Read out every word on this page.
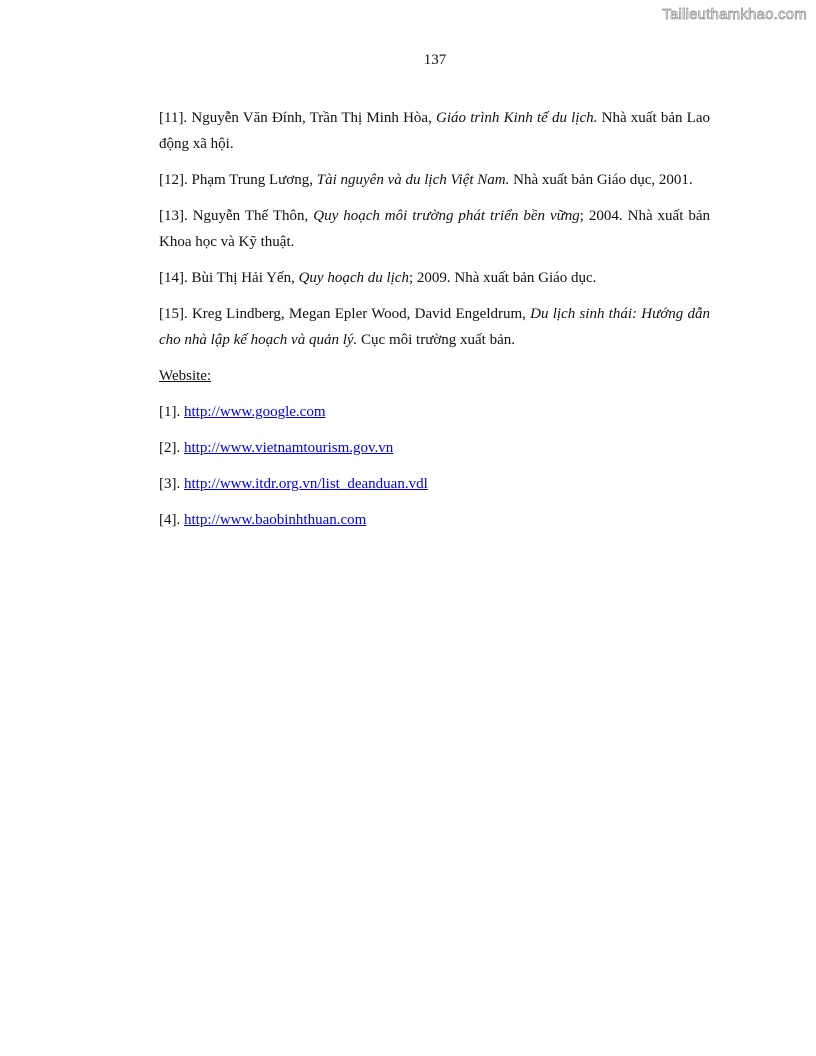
Tailieuthamkhao.com
137

[11]. Nguyễn Văn Đính, Trần Thị Minh Hòa, Giáo trình Kinh tế du lịch. Nhà xuất bản Lao động xã hội.

[12]. Phạm Trung Lương, Tài nguyên và du lịch Việt Nam. Nhà xuất bản Giáo dục, 2001.

[13]. Nguyễn Thế Thôn, Quy hoạch môi trường phát triển bền vững; 2004. Nhà xuất bản Khoa học và Kỹ thuật.

[14]. Bùi Thị Hải Yến, Quy hoạch du lịch; 2009. Nhà xuất bản Giáo dục.

[15]. Kreg Lindberg, Megan Epler Wood, David Engeldrum, Du lịch sinh thái: Hướng dẫn cho nhà lập kế hoạch và quản lý. Cục môi trường xuất bản.

Website:
[1]. http://www.google.com
[2]. http://www.vietnamtourism.gov.vn
[3]. http://www.itdr.org.vn/list_deanduan.vdl
[4]. http://www.baobinhthuan.com
